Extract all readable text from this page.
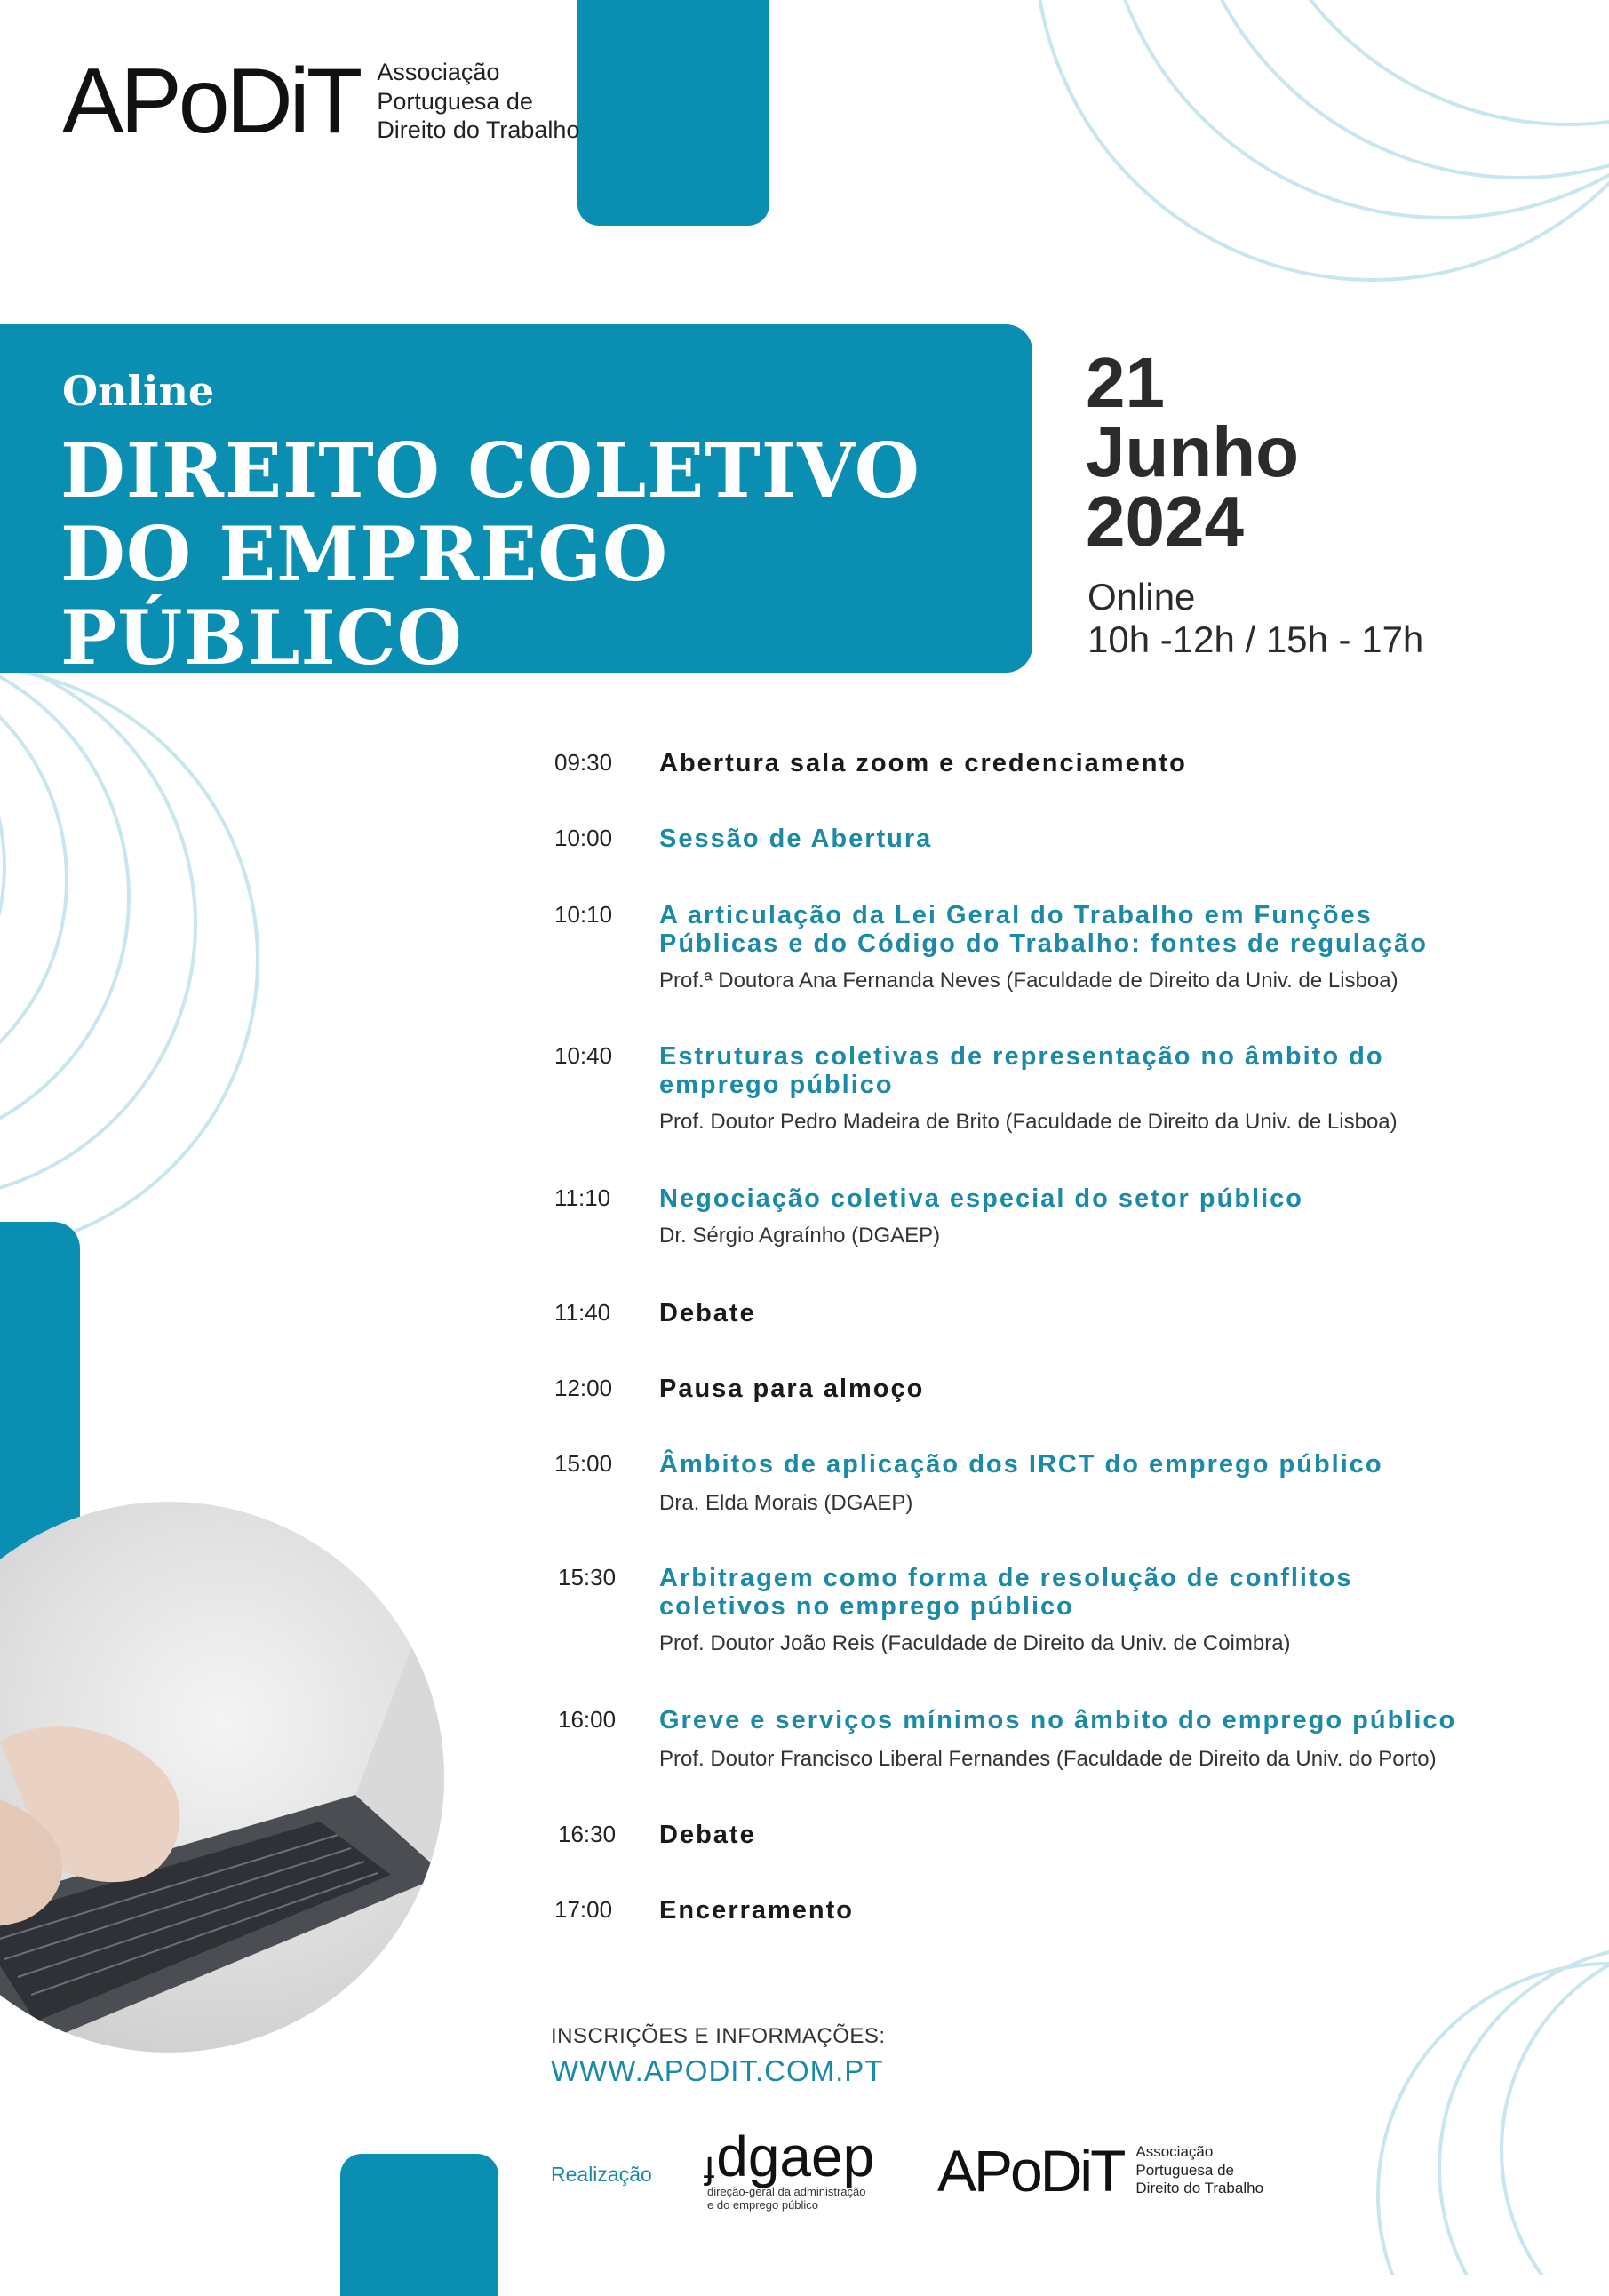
APoDiT Associação
Portuguesa de
Direito do Trabalho
Online
DIREITO COLETIVO
DO EMPREGO PÚBLICO
21
Junho
2024
Online
10h -12h / 15h - 17h
09:30 Abertura sala zoom e credenciamento
10:00 Sessão de Abertura
10:10 A articulação da Lei Geral do Trabalho em Funções Públicas e do Código do Trabalho: fontes de regulação
Prof.ª Doutora Ana Fernanda Neves (Faculdade de Direito da Univ. de Lisboa)
10:40 Estruturas coletivas de representação no âmbito do emprego público
Prof. Doutor Pedro Madeira de Brito (Faculdade de Direito da Univ. de Lisboa)
11:10 Negociação coletiva especial do setor público
Dr. Sérgio Agraínho (DGAEP)
11:40 Debate
12:00 Pausa para almoço
15:00 Âmbitos de aplicação dos IRCT do emprego público
Dra. Elda Morais (DGAEP)
15:30 Arbitragem como forma de resolução de conflitos coletivos no emprego público
Prof. Doutor João Reis (Faculdade de Direito da Univ. de Coimbra)
16:00 Greve e serviços mínimos no âmbito do emprego público
Prof. Doutor Francisco Liberal Fernandes (Faculdade de Direito da Univ. do Porto)
16:30 Debate
17:00 Encerramento
INSCRIÇÕES E INFORMAÇÕES:
WWW.APODIT.COM.PT
Realização ɟ dgaep
direção-geral da administração
e do emprego público
APoDiT Associação
Portuguesa de
Direito do Trabalho
